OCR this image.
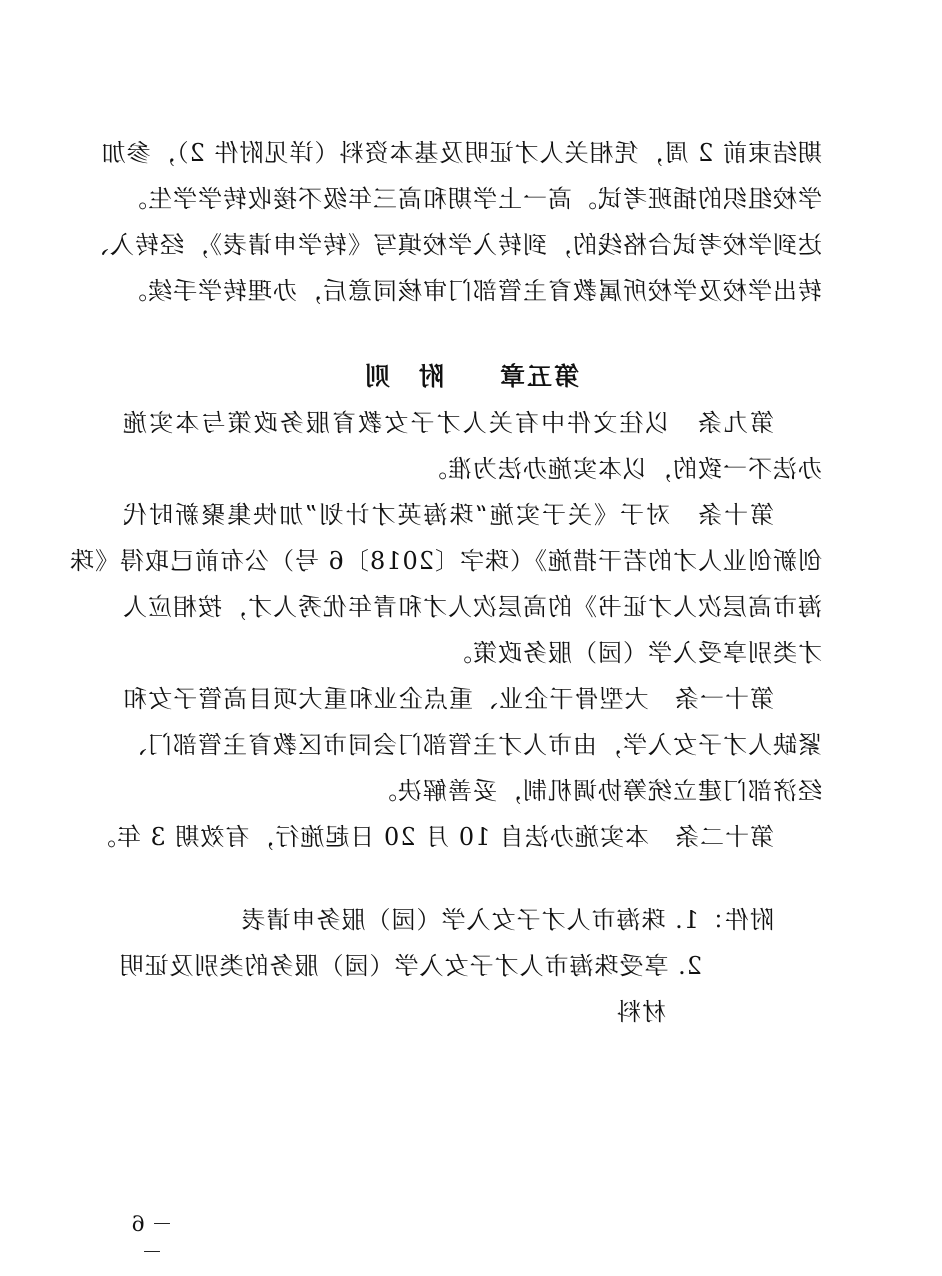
期结束前 2 周，凭相关人才证明及基本资料（详见附件 2），参加
学校组织的插班考试。高一上学期和高三年级不接收转学学生。
达到学校考试合格线的，到转入学校填写《转学申请表》，经转入、
转出学校及学校所属教育主管部门审核同意后，办理转学手续。
第五章　　附　则
第九条　以往文件中有关人才子女教育服务政策与本实施
办法不一致的，以本实施办法为准。
第十条　对于《关于实施“珠海英才计划”加快集聚新时代
创新创业人才的若干措施》（珠字〔2018〕6 号）公布前已取得《珠
海市高层次人才证书》的高层次人才和青年优秀人才，按相应人
才类别享受入学（园）服务政策。
第十一条　大型骨干企业、重点企业和重大项目高管子女和
紧缺人才子女入学，由市人才主管部门会同市区教育主管部门、
经济部门建立统筹协调机制，妥善解决。
第十二条　本实施办法自 10 月 20 日起施行，有效期 3 年。
附件：1. 珠海市人才子女入学（园）服务申请表
2. 享受珠海市人才子女入学（园）服务的类别及证明
材料
－ 6 －
